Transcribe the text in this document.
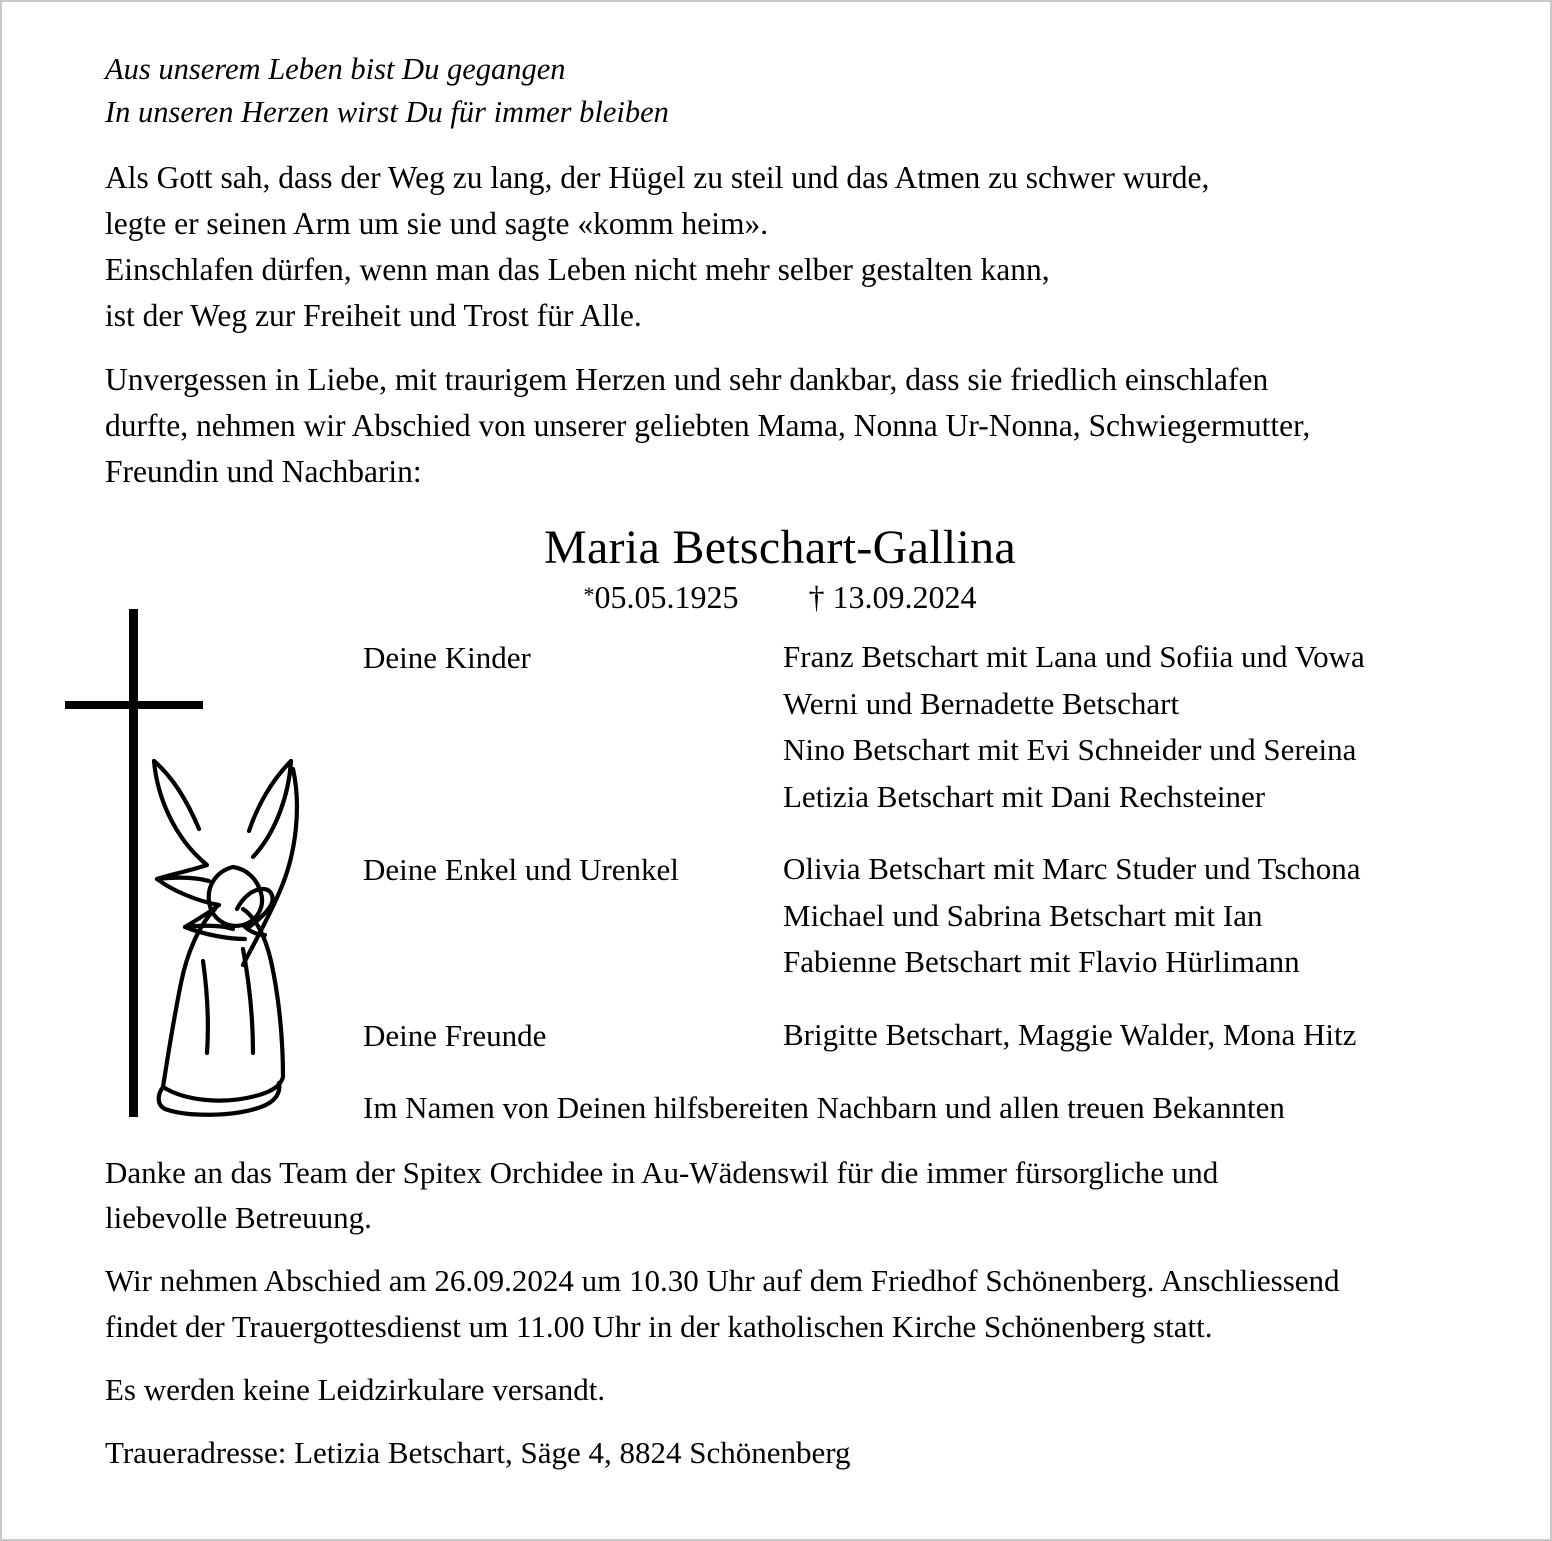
Aus unserem Leben bist Du gegangen
In unseren Herzen wirst Du für immer bleiben
Als Gott sah, dass der Weg zu lang, der Hügel zu steil und das Atmen zu schwer wurde,
legte er seinen Arm um sie und sagte «komm heim».
Einschlafen dürfen, wenn man das Leben nicht mehr selber gestalten kann,
ist der Weg zur Freiheit und Trost für Alle.
Unvergessen in Liebe, mit traurigem Herzen und sehr dankbar, dass sie friedlich einschlafen
durfte, nehmen wir Abschied von unserer geliebten Mama, Nonna Ur-Nonna, Schwiegermutter,
Freundin und Nachbarin:
Maria Betschart-Gallina
*05.05.1925 † 13.09.2024
Deine Kinder	Franz Betschart mit Lana und Sofiia und Vowa
Werni und Bernadette Betschart
Nino Betschart mit Evi Schneider und Sereina
Letizia Betschart mit Dani Rechsteiner
Deine Enkel und Urenkel	Olivia Betschart mit Marc Studer und Tschona
Michael und Sabrina Betschart mit Ian
Fabienne Betschart mit Flavio Hürlimann
Deine Freunde	Brigitte Betschart, Maggie Walder, Mona Hitz
Im Namen von Deinen hilfsbereiten Nachbarn und allen treuen Bekannten

Danke an das Team der Spitex Orchidee in Au-Wädenswil für die immer fürsorgliche und
liebevolle Betreuung.

Wir nehmen Abschied am 26.09.2024 um 10.30 Uhr auf dem Friedhof Schönenberg. Anschliessend
findet der Trauergottesdienst um 11.00 Uhr in der katholischen Kirche Schönenberg statt.

Es werden keine Leidzirkulare versandt.

Traueradresse: Letizia Betschart, Säge 4, 8824 Schönenberg
